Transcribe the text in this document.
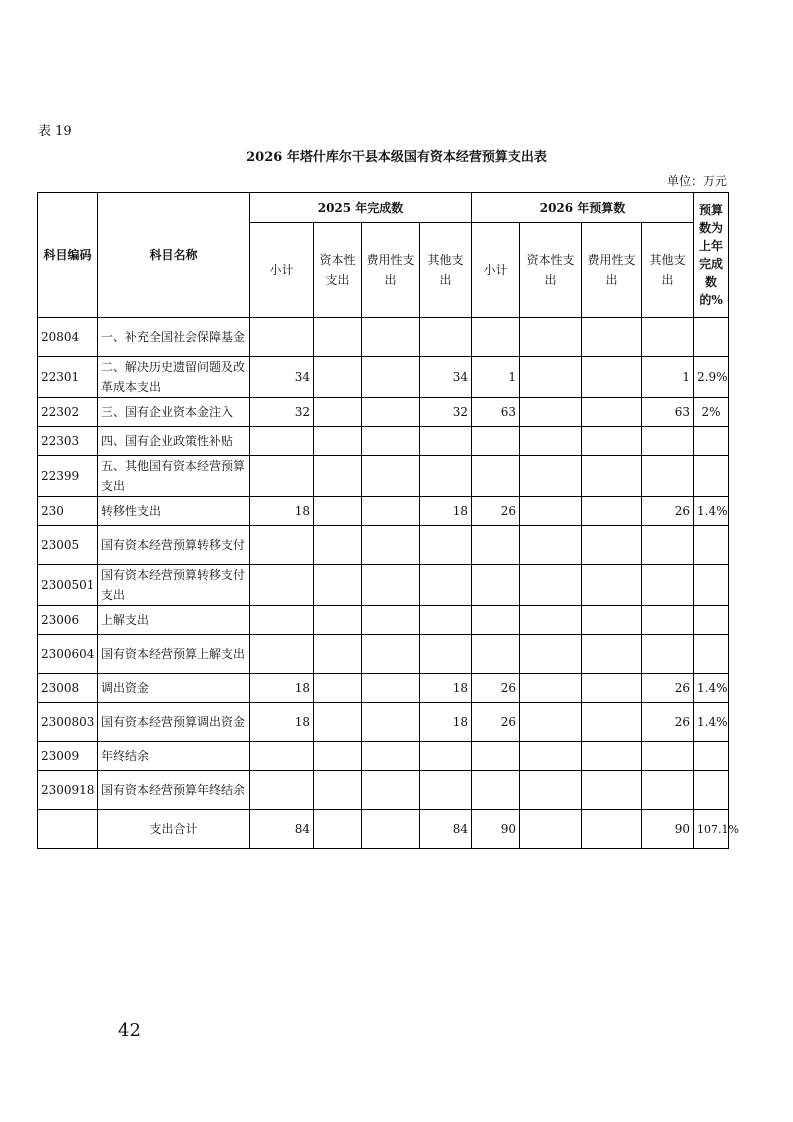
表 19
2026 年塔什库尔干县本级国有资本经营预算支出表
单位：万元
科目编码	科目名称	2025 年完成数				2026 年预算数				预算数为上年完成数的%
		小计	资本性支出	费用性支出	其他支出	小计	资本性支出	费用性支出	其他支出	
20804	一、补充全国社会保障基金									
22301	二、解决历史遗留问题及改革成本支出	34			34	1			1	2.9%
22302	三、国有企业资本金注入	32			32	63			63	2%
22303	四、国有企业政策性补贴									
22399	五、其他国有资本经营预算支出									
230	转移性支出	18			18	26			26	1.4%
23005	国有资本经营预算转移支付									
2300501	国有资本经营预算转移支付支出									
23006	上解支出									
2300604	国有资本经营预算上解支出									
23008	调出资金	18			18	26			26	1.4%
2300803	国有资本经营预算调出资金	18			18	26			26	1.4%
23009	年终结余									
2300918	国有资本经营预算年终结余									
	支出合计	84			84	90			90	107.1%
42
